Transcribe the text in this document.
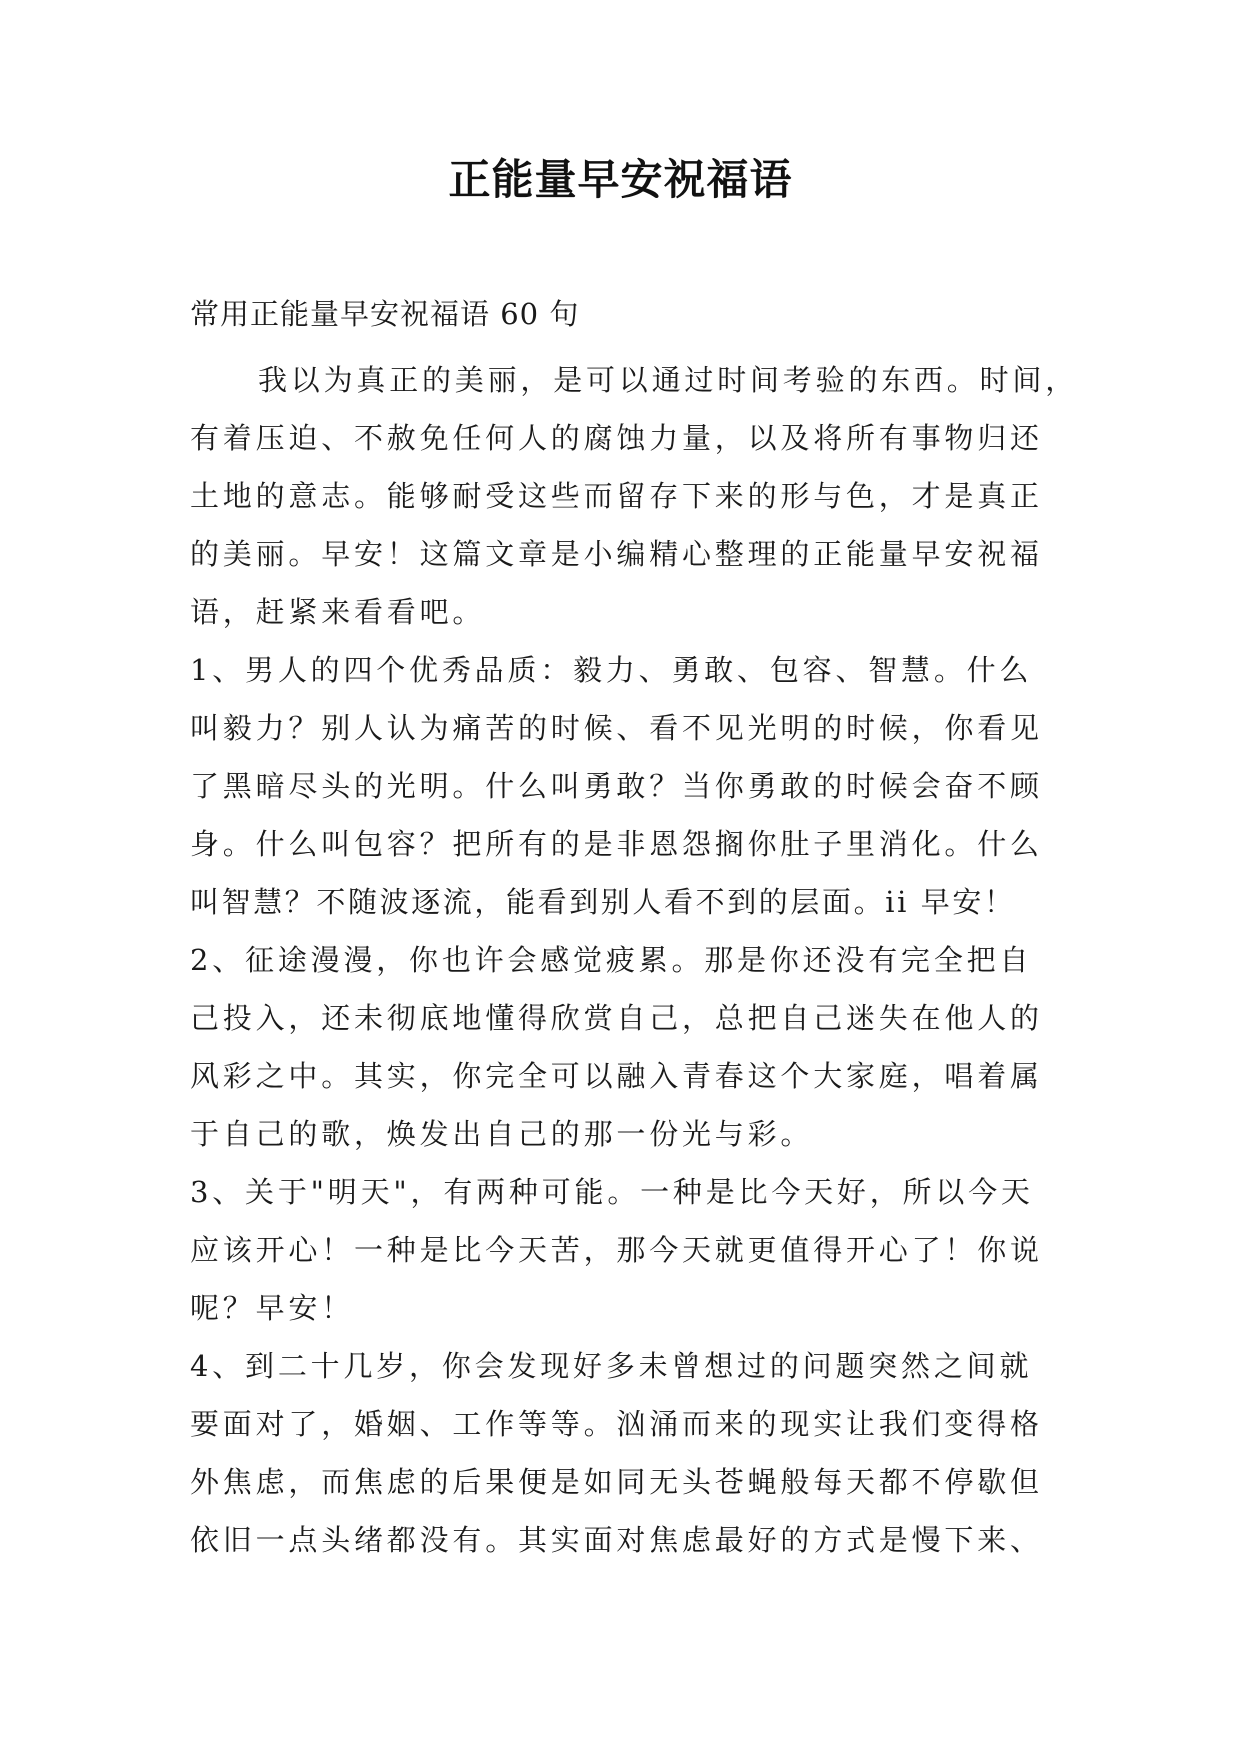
正能量早安祝福语
常用正能量早安祝福语 60 句
我以为真正的美丽，是可以通过时间考验的东西。时间，
有着压迫、不赦免任何人的腐蚀力量，以及将所有事物归还
土地的意志。能够耐受这些而留存下来的形与色，才是真正
的美丽。早安！这篇文章是小编精心整理的正能量早安祝福
语，赶紧来看看吧。
1、男人的四个优秀品质：毅力、勇敢、包容、智慧。什么
叫毅力？别人认为痛苦的时候、看不见光明的时候，你看见
了黑暗尽头的光明。什么叫勇敢？当你勇敢的时候会奋不顾
身。什么叫包容？把所有的是非恩怨搁你肚子里消化。什么
叫智慧？不随波逐流，能看到别人看不到的层面。ii 早安！
2、征途漫漫，你也许会感觉疲累。那是你还没有完全把自
己投入，还未彻底地懂得欣赏自己，总把自己迷失在他人的
风彩之中。其实，你完全可以融入青春这个大家庭，唱着属
于自己的歌，焕发出自己的那一份光与彩。
3、关于"明天"，有两种可能。一种是比今天好，所以今天
应该开心！一种是比今天苦，那今天就更值得开心了！你说
呢？早安！
4、到二十几岁，你会发现好多未曾想过的问题突然之间就
要面对了，婚姻、工作等等。汹涌而来的现实让我们变得格
外焦虑，而焦虑的后果便是如同无头苍蝇般每天都不停歇但
依旧一点头绪都没有。其实面对焦虑最好的方式是慢下来、
